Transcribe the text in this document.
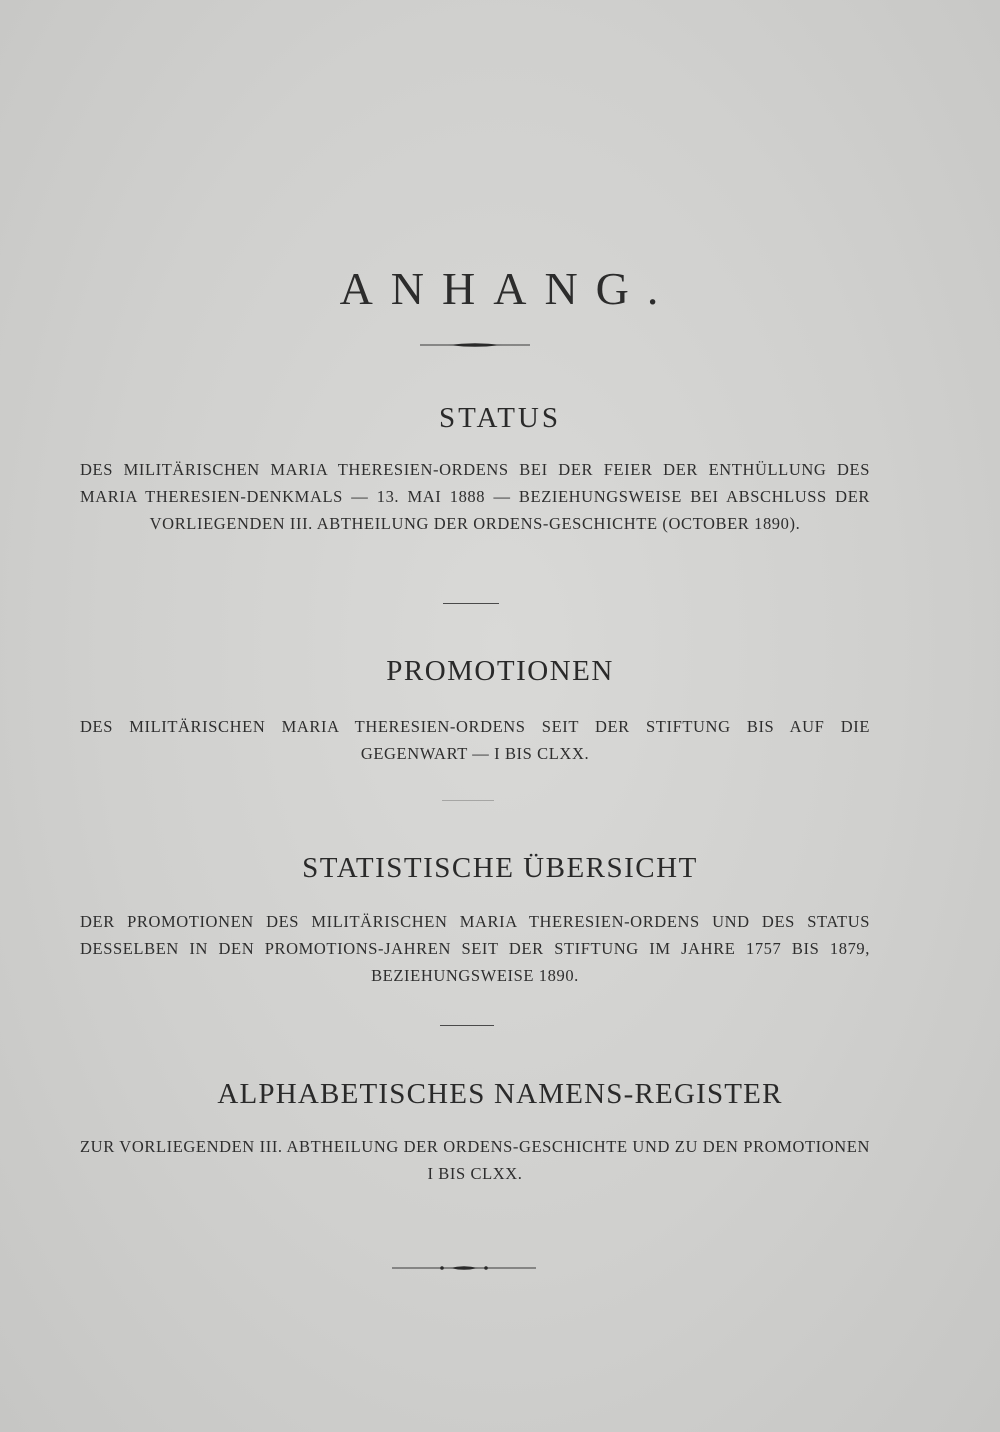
ANHANG.
STATUS
DES MILITÄRISCHEN MARIA THERESIEN-ORDENS BEI DER FEIER DER ENTHÜLLUNG DES MARIA THERESIEN-DENKMALS — 13. MAI 1888 — BEZIEHUNGSWEISE BEI ABSCHLUSS DER VORLIEGENDEN III. ABTHEILUNG DER ORDENS-GESCHICHTE (OCTOBER 1890).
PROMOTIONEN
DES MILITÄRISCHEN MARIA THERESIEN-ORDENS SEIT DER STIFTUNG BIS AUF DIE GEGENWART — I BIS CLXX.
STATISTISCHE ÜBERSICHT
DER PROMOTIONEN DES MILITÄRISCHEN MARIA THERESIEN-ORDENS UND DES STATUS DESSELBEN IN DEN PROMOTIONS-JAHREN SEIT DER STIFTUNG IM JAHRE 1757 BIS 1879, BEZIEHUNGSWEISE 1890.
ALPHABETISCHES NAMENS-REGISTER
ZUR VORLIEGENDEN III. ABTHEILUNG DER ORDENS-GESCHICHTE UND ZU DEN PROMOTIONEN I BIS CLXX.
